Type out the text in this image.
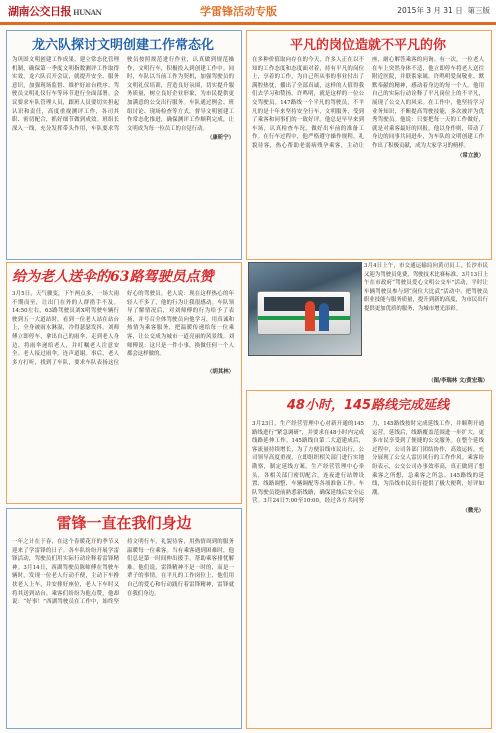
湖南公交日报 HUNAN	学雷锋活动专版	2015年 3 月 31 日 第三版
龙六队探讨文明创建工作常态化

为巩固文明创建工作成果，建立常态化管理机制，确保第一季度文明指数测评工作取得实效，龙六队召开会议，就提升安全、服务意识，加强现场监督、维护好站台秩序、驾驶员文明礼仪行车等环节进行全面部署。会议要求车队管理人员，跟班人员要切实担起认识和责任，高度重视测评工作，各司其职、密切配合，抓好细节做到成效。班组长深入一线，充分发挥带头作用，车队要求驾驶员按照规范进行作业，认真做到规范操作，文明行车，积极投入到创建工作中。同时，车队以当前工作为契机，加强驾驶员的文明礼仪培训，营造良好氛围，切实提升服务质量，树立良好企业形象，为市民提供更加满意的公交出行服务。车队通过例会、班组讨论、现场检查等方式，督导文明创建工作常态化推进，确保测评工作顺利完成，让文明成为每一位员工的自觉行动。

（康昕宁）
平凡的岗位造就不平凡的你

在多种价值取向存在的今天，许多人正在以不知的工作态度和态度面对着，持有平凡的岗位上，享着的工作，为自己所从事的事业付出了满腔热忱，播出了全部真诚，这样的人值得我们去学习和赞扬。许鸣明，就是这样的一位公交驾驶员。147路线一个平凡的驾驶员，不平凡的是十年来坚持安全行车，文明服务，受到了乘客和同事们的一致好评。他总是早早来到车场，认真检查车况，做好出车前的准备工作。在行车过程中，他严格遵守操作规程，礼貌待客，热心帮助老弱病残孕乘客，主动让座，耐心解答乘客的问询。有一次，一位老人在车上突然身体不适，他立即停车将老人送往附近医院，并联系家属。许鸣明爱岗敬业、默默奉献的精神，感动着身边的每一个人。他用自己的实际行动诠释了平凡岗位上的不平凡，展现了公交人的风采。在工作中，他坚持学习业务知识，不断提高驾驶技能，多次被评为优秀驾驶员。他说：只要把每一天的工作做好，就是对乘客最好的回报。他以身作则，带动了身边的同事共同进步，为车队的文明创建工作作出了积极贡献，成为大家学习的榜样。

（常立波）
给为老人送伞的63路驾驶员点赞

3月5日，天气骤变，下午两点多，一场大雨不期而至，让出门在外的人群措手不及。14:50左右，63路驾驶员刘X明驾驶车辆行驶到五一大道站时，看到一位老人站在站台上，全身被雨水淋湿，冷得瑟瑟发抖。刘师傅立即停车，拿出自己的雨伞，走到老人身边，将雨伞递给老人，并叮嘱老人注意安全。老人接过雨伞，连声道谢。事后，老人多方打听，找到了车队，要求车队表扬这位好心的驾驶员。老人说：现在这样热心的年轻人不多了，他的行为让我很感动。车队领导了解情况后，对刘师傅的行为给予了表扬，并号召全体驾驶员向他学习，用真诚和热情为乘客服务，把温暖传递给每一位乘客，让公交成为城市一道亮丽的风景线。刘师傅说：这只是一件小事，换做任何一个人都会这样做的。

（胡其林）

3月4日上午，市交通运输局向黄司员工，长沙市民又迎为驾驶员免费，驾驶技术比赛标准。3月13日上午在市政府“驾驶员爱心文明公交车”活动，平时让车辆驾驶员参与到“岗位大比武”活动中。把驾驶员职业技能与服务质量，提升到新的高度，为市民出行提供更加优质的服务，为城市增光添彩。

（图/李瑞林 文/黄宏瑞）
48小时，145路线完成延线

3月23日，生产经营管理中心对新开通的145路线进行“紧急调研”，并要求在48小时内完成线路延伸工作。145路线自第二大道建成后，客流量持续增长，为了方便沿线市民出行，公司领导高度重视，立即组织相关部门进行实地勘察，制定延线方案。生产经营管理中心牵头，各相关部门密切配合，连夜进行站牌设置、线路调整、车辆调配等各项准备工作。车队驾驶员提前熟悉新线路，确保延线后安全运营。3月24日7:00至10:00，经过各方共同努力，145路线按时完成延线工作，并顺利开通运营。延线后，线路覆盖范围进一步扩大，更多市民享受到了便捷的公交服务。在整个延线过程中，公司各部门团结协作，高效运转，充分展现了公交人雷厉风行的工作作风。乘客纷纷表示，公交公司办事效率高，真正做到了想乘客之所想，急乘客之所急。145路线的延线，为沿线市民出行提供了极大便利，好评如潮。

（微光）
雷锋一直在我们身边

一年之计在于春，在这个春暖花开的季节又迎来了学雷锋的日子。各车队纷纷开展学雷锋活动，驾驶员们用实际行动诠释着雷锋精神。3月14日，西湖驾驶员陈师傅在驾驶车辆时，发现一位老人行动不便，主动下车搀扶老人上车，并安排好座位，老人下车时又将其送到站台。乘客们纷纷为他点赞，他却说：“好事！”西湖驾驶员在工作中，始终坚持文明行车，礼貌待客，用热情周到的服务温暖每一位乘客。当有乘客遇到困难时，他们总是第一时间伸出援手，帮助乘客排忧解难。他们说，雷锋精神不是一时的，而是一辈子的事情。在平凡的工作岗位上，他们用自己的爱心和行动践行着雷锋精神，雷锋就在我们身边。
